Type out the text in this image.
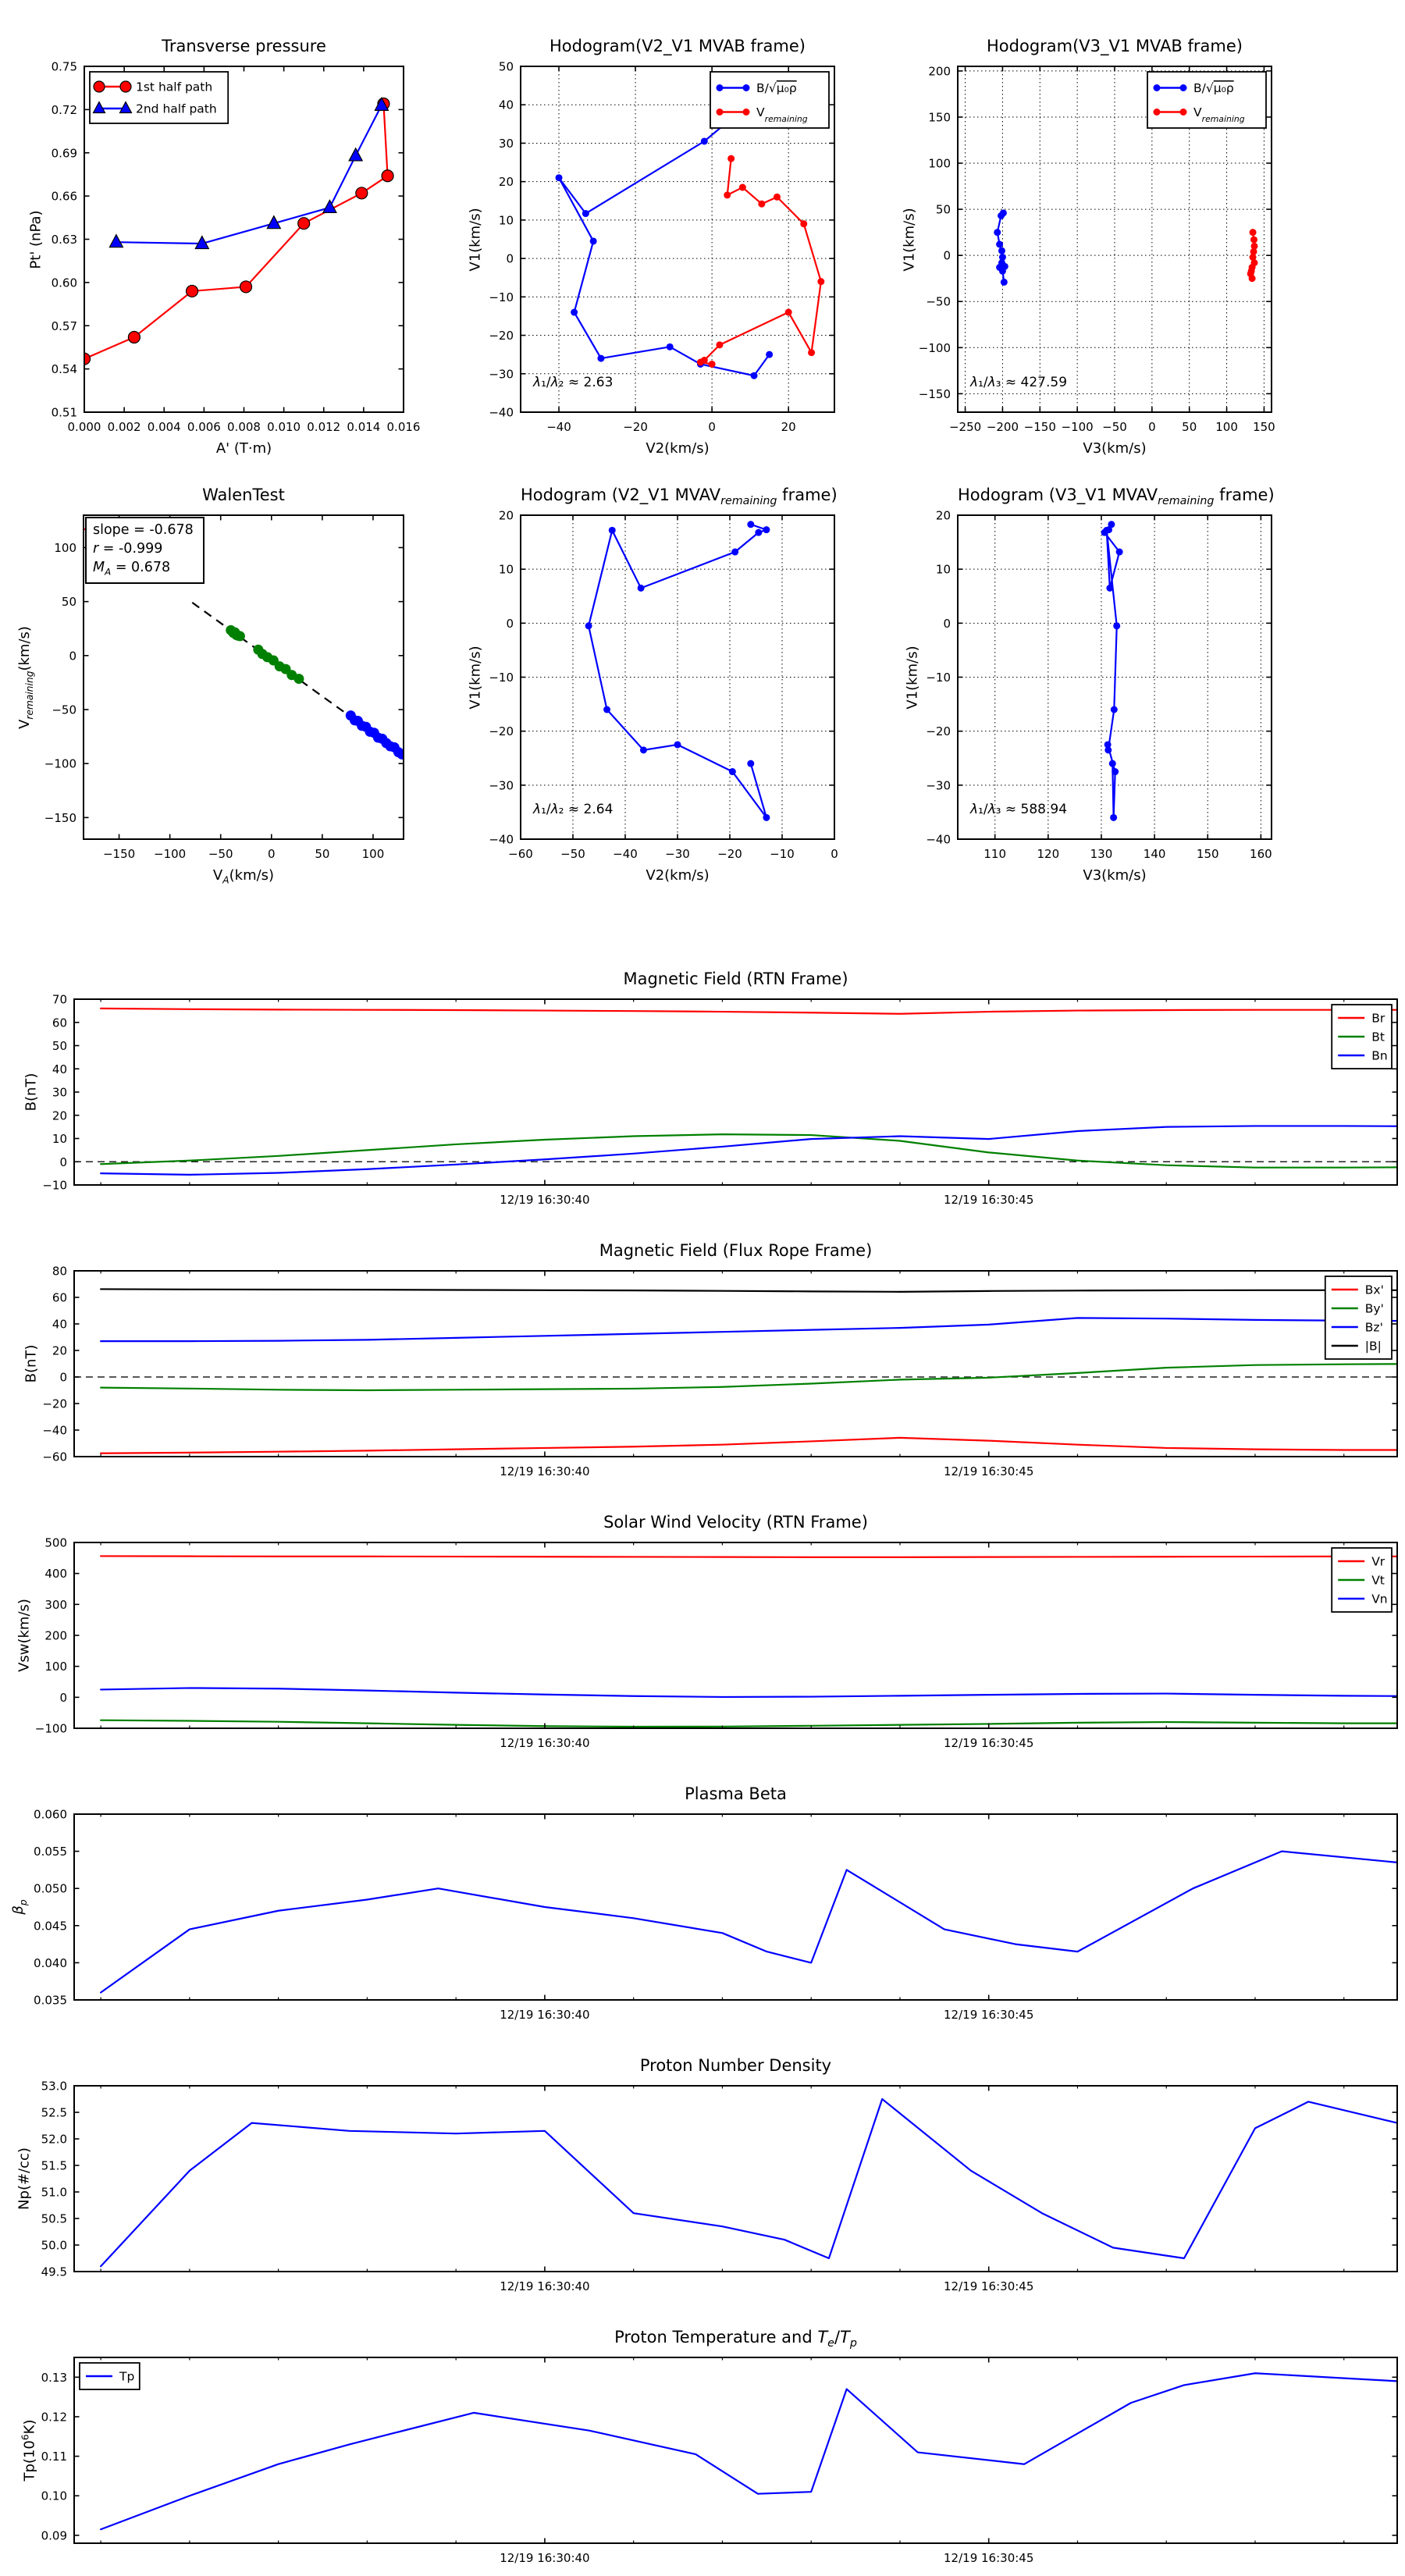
0.000 0.002 0.004 0.006 0.008 0.010 0.012 0.014 0.016
0.51
0.54
0.57
0.60
0.63
0.66
0.69
0.72
0.75
1st half path
2nd half path
−40	−20	0	20
−40
−30
−20
−10
0
10
20
30
40
50
B/√μ₀ρ
$V_{remaining}$
−250 −200 −150 −100 −50 0 50 100 150
−150
−100
−50
0
50
100
150
200
B/√μ₀ρ
$V_{remaining}$
−150 −100 −50	0	50	100
−150
−100
−50
0
50
100
−60 −50 −40 −30 −20 −10	0
−40
−30
−20
−10
0
10
20
110	120	130	140	150	160
−40
−30
−20
−10
0
10
20
12/19 16:30:40	12/19 16:30:45
−10
0
10
20
30
40
50
60
70
Br
Bt
Bn
12/19 16:30:40	12/19 16:30:45
−60
−40
−20
0
20
40
60
80
Bx'
By'
Bz'
|B|
12/19 16:30:40	12/19 16:30:45
−100
0
100
200
300
400
500
Vr
Vt
Vn
12/19 16:30:40	12/19 16:30:45
0.035
0.040
0.045
0.050
0.055
0.060
12/19 16:30:40	12/19 16:30:45
49.5
50.0
50.5
51.0
51.5
52.0
52.5
53.0
12/19 16:30:40	12/19 16:30:45
0.09
0.10
0.11
0.12
0.13	Tp
Transverse pressure
Pt' (nPa)
A' (T·m)
Hodogram(V2_V1 MVAB frame)
V1(km/s)
V2(km/s)
λ₁/λ₂ ≈ 2.63
Hodogram(V3_V1 MVAB frame)
V1(km/s)
V3(km/s)
λ₁/λ₃ ≈ 427.59
WalenTest
$V_{remaining}(km/s)$
$V_A(km/s)$
slope = -0.678
r = -0.999
$M_A = 0.678$
Hodogram (V2_V1 $MVAV_{remaining}$ frame)
V1(km/s)
V2(km/s)
λ₁/λ₂ ≈ 2.64
Hodogram (V3_V1 $MVAV_{remaining}$ frame)
V1(km/s)
V3(km/s)
λ₁/λ₃ ≈ 588.94
Magnetic Field (RTN Frame)
B(nT)
Magnetic Field (Flux Rope Frame)
B(nT)
Solar Wind Velocity (RTN Frame)
Vsw(km/s)
Plasma Beta
$\beta_p$
Proton Number Density
Np(#/cc)
Proton Temperature and $T_e/T_p$
$Tp(10^6K)$
